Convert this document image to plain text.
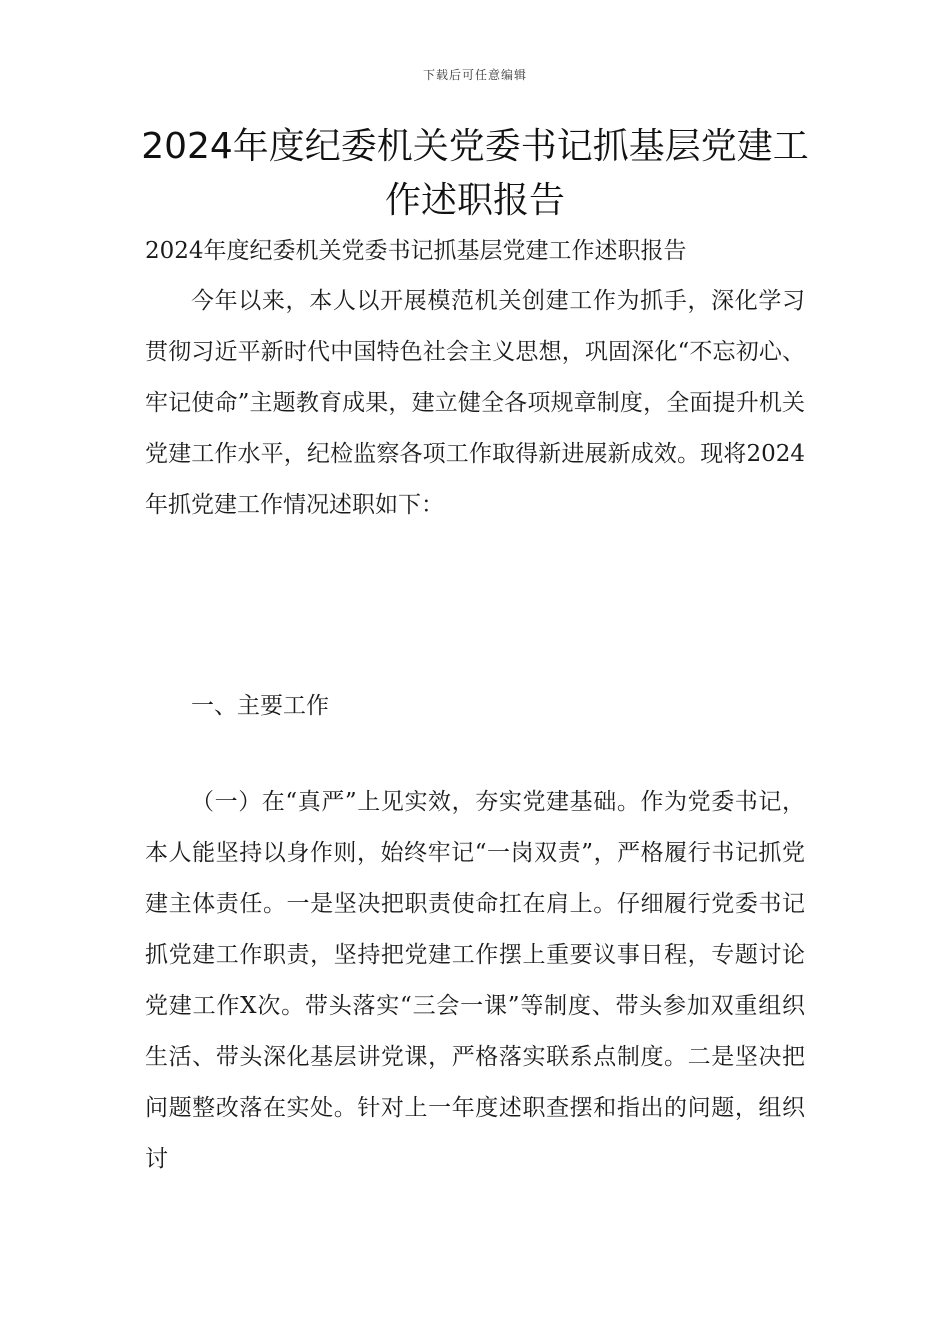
下载后可任意编辑
2024年度纪委机关党委书记抓基层党建工作述职报告

2024年度纪委机关党委书记抓基层党建工作述职报告

今年以来，本人以开展模范机关创建工作为抓手，深化学习贯彻习近平新时代中国特色社会主义思想，巩固深化“不忘初心、牢记使命”主题教育成果，建立健全各项规章制度，全面提升机关党建工作水平，纪检监察各项工作取得新进展新成效。现将2024年抓党建工作情况述职如下：

一、主要工作

（一）在“真严”上见实效，夯实党建基础。作为党委书记，本人能坚持以身作则，始终牢记“一岗双责”，严格履行书记抓党建主体责任。一是坚决把职责使命扛在肩上。仔细履行党委书记抓党建工作职责，坚持把党建工作摆上重要议事日程，专题讨论党建工作X次。带头落实“三会一课”等制度、带头参加双重组织生活、带头深化基层讲党课，严格落实联系点制度。二是坚决把问题整改落在实处。针对上一年度述职查摆和指出的问题，组织讨
